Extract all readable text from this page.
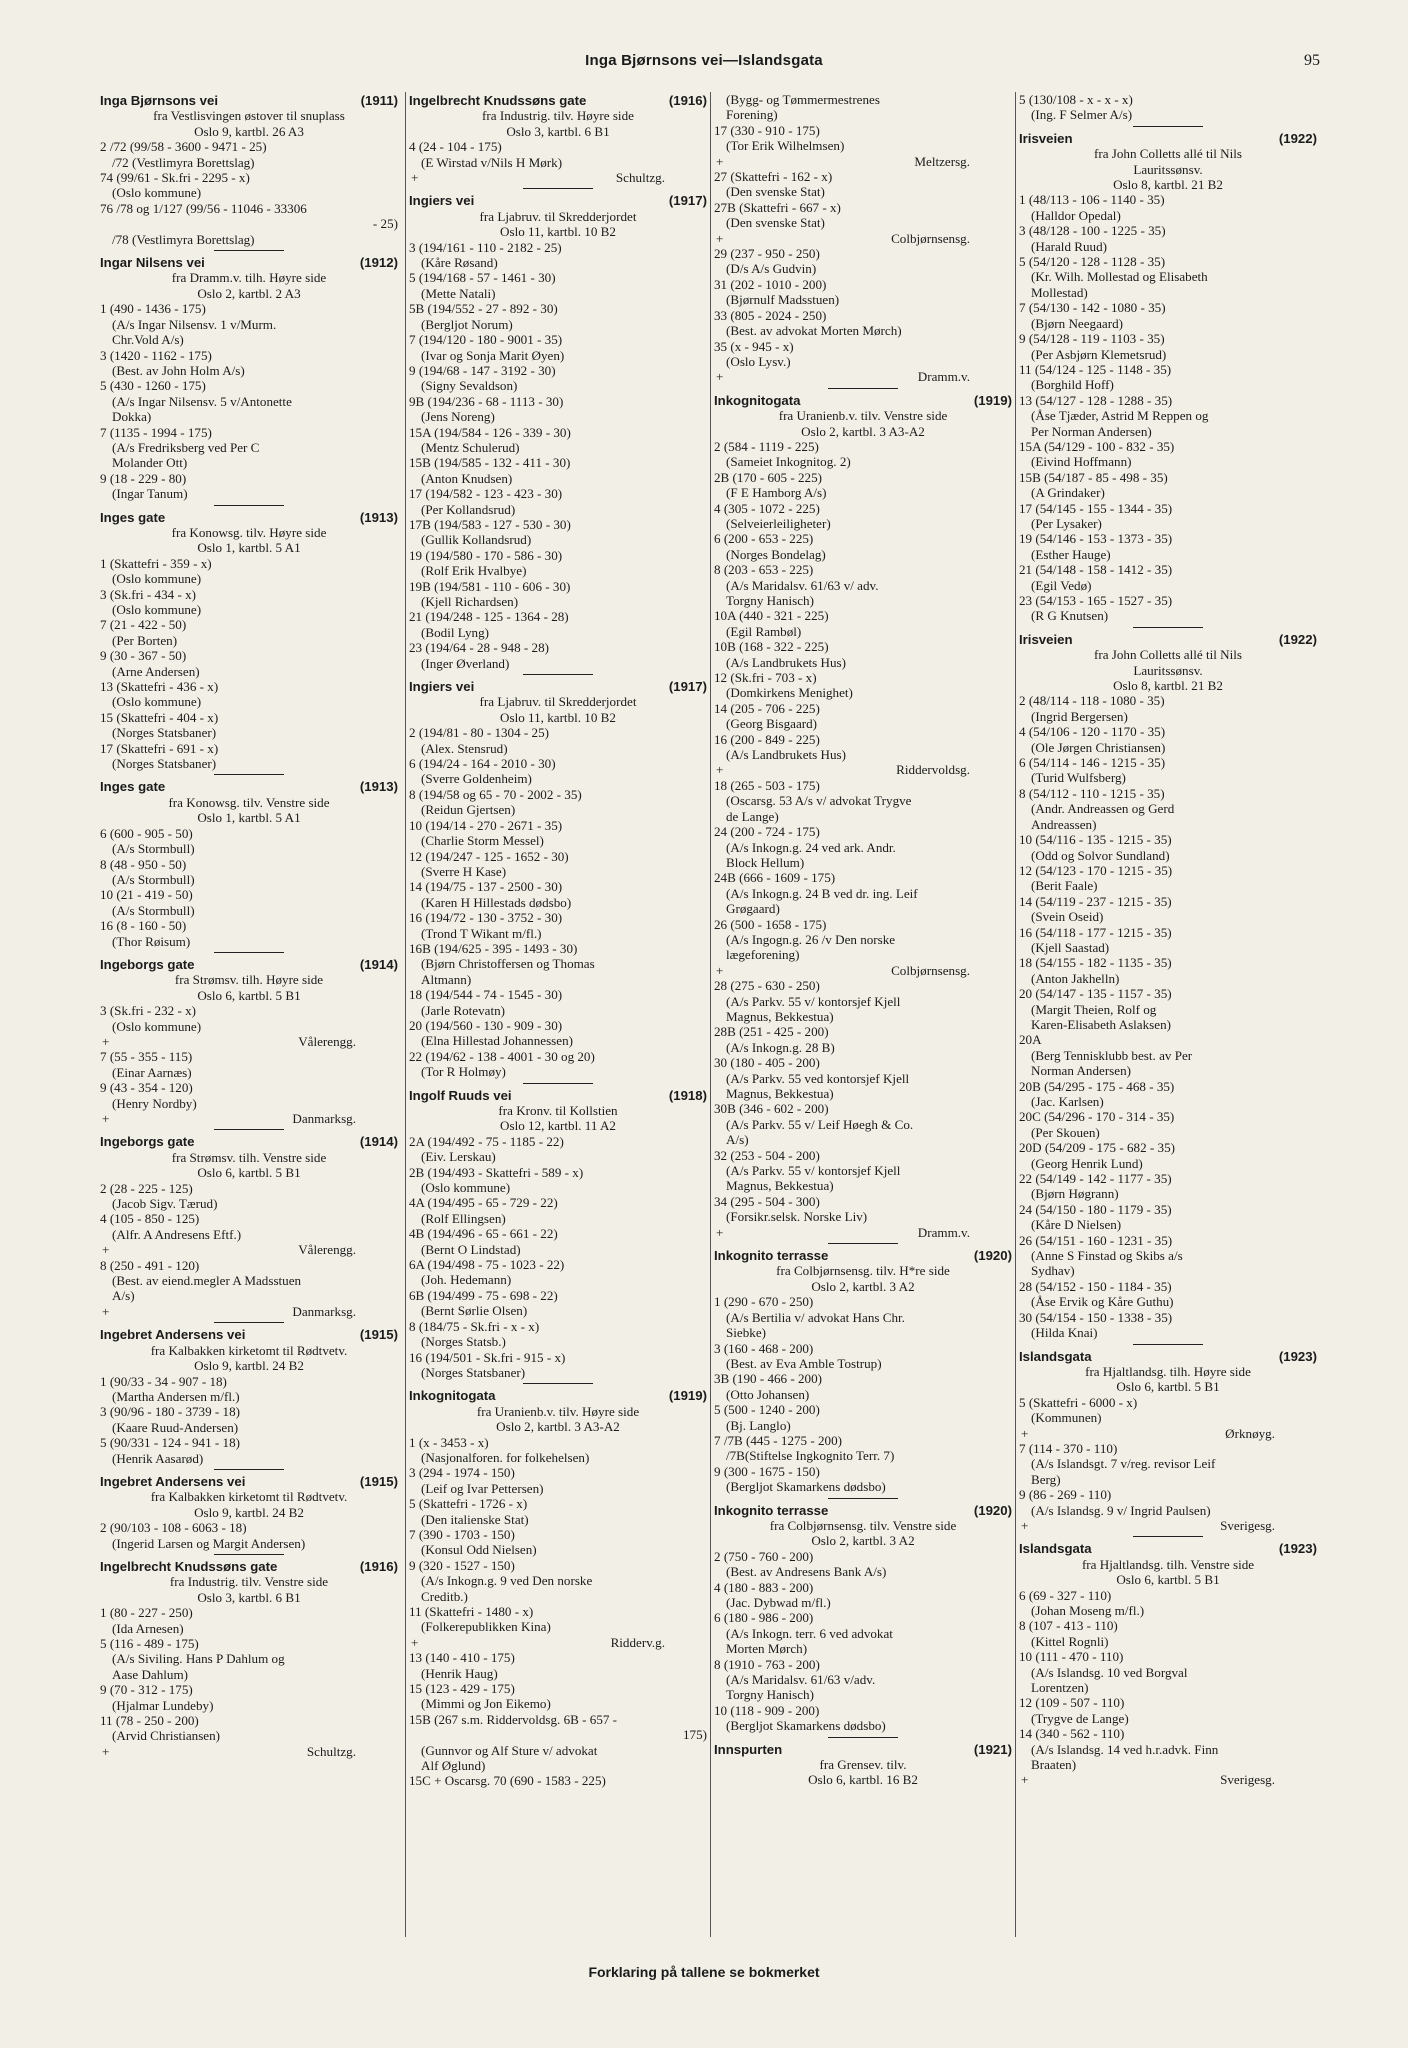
Inga Bjørnsons vei—Islandsgata	95
Inga Bjørnsons vei	(1911)
fra Vestlisvingen østover til snuplass
Oslo 9, kartbl. 26 A3
2 /72 (99/58 - 3600 - 9471 - 25)
/72 (Vestlimyra Borettslag)
74 (99/61 - Sk.fri - 2295 - x)
(Oslo kommune)
76 /78 og 1/127 (99/56 - 11046 - 33306
- 25)
/78 (Vestlimyra Borettslag)
Ingar Nilsens vei	(1912)
fra Dramm.v. tilh. Høyre side
Oslo 2, kartbl. 2 A3
1 (490 - 1436 - 175)
(A/s Ingar Nilsensv. 1 v/Murm.
Chr.Vold A/s)
3 (1420 - 1162 - 175)
(Best. av John Holm A/s)
5 (430 - 1260 - 175)
(A/s Ingar Nilsensv. 5 v/Antonette
Dokka)
7 (1135 - 1994 - 175)
(A/s Fredriksberg ved Per C
Molander Ott)
9 (18 - 229 - 80)
(Ingar Tanum)
Inges gate	(1913)
fra Konowsg. tilv. Høyre side
Oslo 1, kartbl. 5 A1
1 (Skattefri - 359 - x)
(Oslo kommune)
3 (Sk.fri - 434 - x)
(Oslo kommune)
7 (21 - 422 - 50)
(Per Borten)
9 (30 - 367 - 50)
(Arne Andersen)
13 (Skattefri - 436 - x)
(Oslo kommune)
15 (Skattefri - 404 - x)
(Norges Statsbaner)
17 (Skattefri - 691 - x)
(Norges Statsbaner)
Inges gate	(1913)
fra Konowsg. tilv. Venstre side
Oslo 1, kartbl. 5 A1
6 (600 - 905 - 50)
(A/s Stormbull)
8 (48 - 950 - 50)
(A/s Stormbull)
10 (21 - 419 - 50)
(A/s Stormbull)
16 (8 - 160 - 50)
(Thor Røisum)
Ingeborgs gate	(1914)
fra Strømsv. tilh. Høyre side
Oslo 6, kartbl. 5 B1
3 (Sk.fri - 232 - x)
(Oslo kommune)
+	Vålerengg.
7 (55 - 355 - 115)
(Einar Aarnæs)
9 (43 - 354 - 120)
(Henry Nordby)
+	Danmarksg.
Ingeborgs gate	(1914)
fra Strømsv. tilh. Venstre side
Oslo 6, kartbl. 5 B1
2 (28 - 225 - 125)
(Jacob Sigv. Tærud)
4 (105 - 850 - 125)
(Alfr. A Andresens Eftf.)
+	Vålerengg.
8 (250 - 491 - 120)
(Best. av eiend.megler A Madsstuen
A/s)
+	Danmarksg.
Ingebret Andersens vei	(1915)
fra Kalbakken kirketomt til Rødtvetv.
Oslo 9, kartbl. 24 B2
1 (90/33 - 34 - 907 - 18)
(Martha Andersen m/fl.)
3 (90/96 - 180 - 3739 - 18)
(Kaare Ruud-Andersen)
5 (90/331 - 124 - 941 - 18)
(Henrik Aasarød)
Ingebret Andersens vei	(1915)
fra Kalbakken kirketomt til Rødtvetv.
Oslo 9, kartbl. 24 B2
2 (90/103 - 108 - 6063 - 18)
(Ingerid Larsen og Margit Andersen)
Ingelbrecht Knudssøns gate	(1916)
fra Industrig. tilv. Venstre side
Oslo 3, kartbl. 6 B1
1 (80 - 227 - 250)
(Ida Arnesen)
5 (116 - 489 - 175)
(A/s Siviling. Hans P Dahlum og
Aase Dahlum)
9 (70 - 312 - 175)
(Hjalmar Lundeby)
11 (78 - 250 - 200)
(Arvid Christiansen)
+	Schultzg.
Ingelbrecht Knudssøns gate	(1916)
fra Industrig. tilv. Høyre side
Oslo 3, kartbl. 6 B1
4 (24 - 104 - 175)
(E Wirstad v/Nils H Mørk)
+	Schultzg.
Ingiers vei	(1917)
fra Ljabruv. til Skredderjordet
Oslo 11, kartbl. 10 B2
3 (194/161 - 110 - 2182 - 25)
(Kåre Røsand)
5 (194/168 - 57 - 1461 - 30)
(Mette Natali)
5B (194/552 - 27 - 892 - 30)
(Bergljot Norum)
7 (194/120 - 180 - 9001 - 35)
(Ivar og Sonja Marit Øyen)
9 (194/68 - 147 - 3192 - 30)
(Signy Sevaldson)
9B (194/236 - 68 - 1113 - 30)
(Jens Noreng)
15A (194/584 - 126 - 339 - 30)
(Mentz Schulerud)
15B (194/585 - 132 - 411 - 30)
(Anton Knudsen)
17 (194/582 - 123 - 423 - 30)
(Per Kollandsrud)
17B (194/583 - 127 - 530 - 30)
(Gullik Kollandsrud)
19 (194/580 - 170 - 586 - 30)
(Rolf Erik Hvalbye)
19B (194/581 - 110 - 606 - 30)
(Kjell Richardsen)
21 (194/248 - 125 - 1364 - 28)
(Bodil Lyng)
23 (194/64 - 28 - 948 - 28)
(Inger Øverland)
Ingiers vei	(1917)
fra Ljabruv. til Skredderjordet
Oslo 11, kartbl. 10 B2
2 (194/81 - 80 - 1304 - 25)
(Alex. Stensrud)
6 (194/24 - 164 - 2010 - 30)
(Sverre Goldenheim)
8 (194/58 og 65 - 70 - 2002 - 35)
(Reidun Gjertsen)
10 (194/14 - 270 - 2671 - 35)
(Charlie Storm Messel)
12 (194/247 - 125 - 1652 - 30)
(Sverre H Kase)
14 (194/75 - 137 - 2500 - 30)
(Karen H Hillestads dødsbo)
16 (194/72 - 130 - 3752 - 30)
(Trond T Wikant m/fl.)
16B (194/625 - 395 - 1493 - 30)
(Bjørn Christoffersen og Thomas
Altmann)
18 (194/544 - 74 - 1545 - 30)
(Jarle Rotevatn)
20 (194/560 - 130 - 909 - 30)
(Elna Hillestad Johannessen)
22 (194/62 - 138 - 4001 - 30 og 20)
(Tor R Holmøy)
Ingolf Ruuds vei	(1918)
fra Kronv. til Kollstien
Oslo 12, kartbl. 11 A2
2A (194/492 - 75 - 1185 - 22)
(Eiv. Lerskau)
2B (194/493 - Skattefri - 589 - x)
(Oslo kommune)
4A (194/495 - 65 - 729 - 22)
(Rolf Ellingsen)
4B (194/496 - 65 - 661 - 22)
(Bernt O Lindstad)
6A (194/498 - 75 - 1023 - 22)
(Joh. Hedemann)
6B (194/499 - 75 - 698 - 22)
(Bernt Sørlie Olsen)
8 (184/75 - Sk.fri - x - x)
(Norges Statsb.)
16 (194/501 - Sk.fri - 915 - x)
(Norges Statsbaner)
Inkognitogata	(1919)
fra Uranienb.v. tilv. Høyre side
Oslo 2, kartbl. 3 A3-A2
1 (x - 3453 - x)
(Nasjonalforen. for folkehelsen)
3 (294 - 1974 - 150)
(Leif og Ivar Pettersen)
5 (Skattefri - 1726 - x)
(Den italienske Stat)
7 (390 - 1703 - 150)
(Konsul Odd Nielsen)
9 (320 - 1527 - 150)
(A/s Inkogn.g. 9 ved Den norske
Creditb.)
11 (Skattefri - 1480 - x)
(Folkerepublikken Kina)
+	Ridderv.g.
13 (140 - 410 - 175)
(Henrik Haug)
15 (123 - 429 - 175)
(Mimmi og Jon Eikemo)
15B (267 s.m. Riddervoldsg. 6B - 657 -
175)
(Gunnvor og Alf Sture v/ advokat
Alf Øglund)
15C + Oscarsg. 70 (690 - 1583 - 225)
(Bygg- og Tømmermestrenes
Forening)
17 (330 - 910 - 175)
(Tor Erik Wilhelmsen)
+	Meltzersg.
27 (Skattefri - 162 - x)
(Den svenske Stat)
27B (Skattefri - 667 - x)
(Den svenske Stat)
+	Colbjørnsensg.
29 (237 - 950 - 250)
(D/s A/s Gudvin)
31 (202 - 1010 - 200)
(Bjørnulf Madsstuen)
33 (805 - 2024 - 250)
(Best. av advokat Morten Mørch)
35 (x - 945 - x)
(Oslo Lysv.)
+	Dramm.v.
Inkognitogata	(1919)
fra Uranienb.v. tilv. Venstre side
Oslo 2, kartbl. 3 A3-A2
2 (584 - 1119 - 225)
(Sameiet Inkognitog. 2)
2B (170 - 605 - 225)
(F E Hamborg A/s)
4 (305 - 1072 - 225)
(Selveierleiligheter)
6 (200 - 653 - 225)
(Norges Bondelag)
8 (203 - 653 - 225)
(A/s Maridalsv. 61/63 v/ adv.
Torgny Hanisch)
10A (440 - 321 - 225)
(Egil Rambøl)
10B (168 - 322 - 225)
(A/s Landbrukets Hus)
12 (Sk.fri - 703 - x)
(Domkirkens Menighet)
14 (205 - 706 - 225)
(Georg Bisgaard)
16 (200 - 849 - 225)
(A/s Landbrukets Hus)
+	Riddervoldsg.
18 (265 - 503 - 175)
(Oscarsg. 53 A/s v/ advokat Trygve
de Lange)
24 (200 - 724 - 175)
(A/s Inkogn.g. 24 ved ark. Andr.
Block Hellum)
24B (666 - 1609 - 175)
(A/s Inkogn.g. 24 B ved dr. ing. Leif
Grøgaard)
26 (500 - 1658 - 175)
(A/s Ingogn.g. 26 /v Den norske
lægeforening)
+	Colbjørnsensg.
28 (275 - 630 - 250)
(A/s Parkv. 55 v/ kontorsjef Kjell
Magnus, Bekkestua)
28B (251 - 425 - 200)
(A/s Inkogn.g. 28 B)
30 (180 - 405 - 200)
(A/s Parkv. 55 ved kontorsjef Kjell
Magnus, Bekkestua)
30B (346 - 602 - 200)
(A/s Parkv. 55 v/ Leif Høegh & Co.
A/s)
32 (253 - 504 - 200)
(A/s Parkv. 55 v/ kontorsjef Kjell
Magnus, Bekkestua)
34 (295 - 504 - 300)
(Forsikr.selsk. Norske Liv)
+	Dramm.v.
Inkognito terrasse	(1920)
fra Colbjørnsensg. tilv. H*re side
Oslo 2, kartbl. 3 A2
1 (290 - 670 - 250)
(A/s Bertilia v/ advokat Hans Chr.
Siebke)
3 (160 - 468 - 200)
(Best. av Eva Amble Tostrup)
3B (190 - 466 - 200)
(Otto Johansen)
5 (500 - 1240 - 200)
(Bj. Langlo)
7 /7B (445 - 1275 - 200)
/7B(Stiftelse Ingkognito Terr. 7)
9 (300 - 1675 - 150)
(Bergljot Skamarkens dødsbo)
Inkognito terrasse	(1920)
fra Colbjørnsensg. tilv. Venstre side
Oslo 2, kartbl. 3 A2
2 (750 - 760 - 200)
(Best. av Andresens Bank A/s)
4 (180 - 883 - 200)
(Jac. Dybwad m/fl.)
6 (180 - 986 - 200)
(A/s Inkogn. terr. 6 ved advokat
Morten Mørch)
8 (1910 - 763 - 200)
(A/s Maridalsv. 61/63 v/adv.
Torgny Hanisch)
10 (118 - 909 - 200)
(Bergljot Skamarkens dødsbo)
Innspurten	(1921)
fra Grensev. tilv.
Oslo 6, kartbl. 16 B2
5 (130/108 - x - x - x)
(Ing. F Selmer A/s)
Irisveien	(1922)
fra John Colletts allé til Nils
Lauritssønsv.
Oslo 8, kartbl. 21 B2
1 (48/113 - 106 - 1140 - 35)
(Halldor Opedal)
3 (48/128 - 100 - 1225 - 35)
(Harald Ruud)
5 (54/120 - 128 - 1128 - 35)
(Kr. Wilh. Mollestad og Elisabeth
Mollestad)
7 (54/130 - 142 - 1080 - 35)
(Bjørn Neegaard)
9 (54/128 - 119 - 1103 - 35)
(Per Asbjørn Klemetsrud)
11 (54/124 - 125 - 1148 - 35)
(Borghild Hoff)
13 (54/127 - 128 - 1288 - 35)
(Åse Tjæder, Astrid M Reppen og
Per Norman Andersen)
15A (54/129 - 100 - 832 - 35)
(Eivind Hoffmann)
15B (54/187 - 85 - 498 - 35)
(A Grindaker)
17 (54/145 - 155 - 1344 - 35)
(Per Lysaker)
19 (54/146 - 153 - 1373 - 35)
(Esther Hauge)
21 (54/148 - 158 - 1412 - 35)
(Egil Vedø)
23 (54/153 - 165 - 1527 - 35)
(R G Knutsen)
Irisveien	(1922)
fra John Colletts allé til Nils
Lauritssønsv.
Oslo 8, kartbl. 21 B2
2 (48/114 - 118 - 1080 - 35)
(Ingrid Bergersen)
4 (54/106 - 120 - 1170 - 35)
(Ole Jørgen Christiansen)
6 (54/114 - 146 - 1215 - 35)
(Turid Wulfsberg)
8 (54/112 - 110 - 1215 - 35)
(Andr. Andreassen og Gerd
Andreassen)
10 (54/116 - 135 - 1215 - 35)
(Odd og Solvor Sundland)
12 (54/123 - 170 - 1215 - 35)
(Berit Faale)
14 (54/119 - 237 - 1215 - 35)
(Svein Oseid)
16 (54/118 - 177 - 1215 - 35)
(Kjell Saastad)
18 (54/155 - 182 - 1135 - 35)
(Anton Jakhelln)
20 (54/147 - 135 - 1157 - 35)
(Margit Theien, Rolf og
Karen-Elisabeth Aslaksen)
20A
(Berg Tennisklubb best. av Per
Norman Andersen)
20B (54/295 - 175 - 468 - 35)
(Jac. Karlsen)
20C (54/296 - 170 - 314 - 35)
(Per Skouen)
20D (54/209 - 175 - 682 - 35)
(Georg Henrik Lund)
22 (54/149 - 142 - 1177 - 35)
(Bjørn Høgrann)
24 (54/150 - 180 - 1179 - 35)
(Kåre D Nielsen)
26 (54/151 - 160 - 1231 - 35)
(Anne S Finstad og Skibs a/s
Sydhav)
28 (54/152 - 150 - 1184 - 35)
(Åse Ervik og Kåre Guthu)
30 (54/154 - 150 - 1338 - 35)
(Hilda Knai)
Islandsgata	(1923)
fra Hjaltlandsg. tilh. Høyre side
Oslo 6, kartbl. 5 B1
5 (Skattefri - 6000 - x)
(Kommunen)
+	Ørknøyg.
7 (114 - 370 - 110)
(A/s Islandsgt. 7 v/reg. revisor Leif
Berg)
9 (86 - 269 - 110)
(A/s Islandsg. 9 v/ Ingrid Paulsen)
+	Sverigesg.
Islandsgata	(1923)
fra Hjaltlandsg. tilh. Venstre side
Oslo 6, kartbl. 5 B1
6 (69 - 327 - 110)
(Johan Moseng m/fl.)
8 (107 - 413 - 110)
(Kittel Rognli)
10 (111 - 470 - 110)
(A/s Islandsg. 10 ved Borgval
Lorentzen)
12 (109 - 507 - 110)
(Trygve de Lange)
14 (340 - 562 - 110)
(A/s Islandsg. 14 ved h.r.advk. Finn
Braaten)
+	Sverigesg.
Forklaring på tallene se bokmerket
